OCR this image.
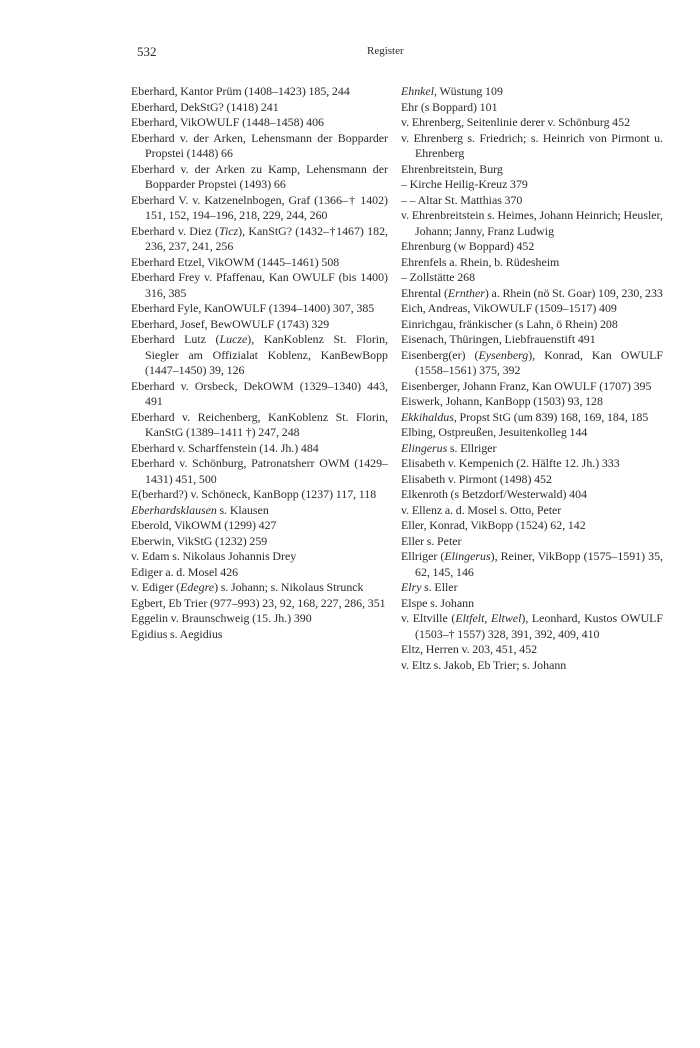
532	Register

Eberhard, Kantor Prüm (1408–1423) 185, 244

Eberhard, DekStG? (1418) 241

Eberhard, VikOWULF (1448–1458) 406

Eberhard v. der Arken, Lehensmann der Bopparder Propstei (1448) 66

Eberhard v. der Arken zu Kamp, Lehensmann der Bopparder Propstei (1493) 66

Eberhard V. v. Katzenelnbogen, Graf (1366–† 1402) 151, 152, 194–196, 218, 229, 244, 260

Eberhard v. Diez (Ticz), KanStG? (1432–†1467) 182, 236, 237, 241, 256

Eberhard Etzel, VikOWM (1445–1461) 508

Eberhard Frey v. Pfaffenau, Kan OWULF (bis 1400) 316, 385

Eberhard Fyle, KanOWULF (1394–1400) 307, 385

Eberhard, Josef, BewOWULF (1743) 329

Eberhard Lutz (Lucze), KanKoblenz St. Florin, Siegler am Offizialat Koblenz, KanBewBopp (1447–1450) 39, 126

Eberhard v. Orsbeck, DekOWM (1329–1340) 443, 491

Eberhard v. Reichenberg, KanKoblenz St. Florin, KanStG (1389–1411 †) 247, 248

Eberhard v. Scharffenstein (14. Jh.) 484

Eberhard v. Schönburg, Patronatsherr OWM (1429–1431) 451, 500

E(berhard?) v. Schöneck, KanBopp (1237) 117, 118

Eberhardsklausen s. Klausen

Eberold, VikOWM (1299) 427

Eberwin, VikStG (1232) 259

v. Edam s. Nikolaus Johannis Drey

Ediger a. d. Mosel 426

v. Ediger (Edegre) s. Johann; s. Nikolaus Strunck

Egbert, Eb Trier (977–993) 23, 92, 168, 227, 286, 351

Eggelin v. Braunschweig (15. Jh.) 390

Egidius s. Aegidius

Ehnkel, Wüstung 109

Ehr (s Boppard) 101

v. Ehrenberg, Seitenlinie derer v. Schönburg 452

v. Ehrenberg s. Friedrich; s. Heinrich von Pirmont u. Ehrenberg

Ehrenbreitstein, Burg

– Kirche Heilig-Kreuz 379

– – Altar St. Matthias 370

v. Ehrenbreitstein s. Heimes, Johann Heinrich; Heusler, Johann; Janny, Franz Ludwig

Ehrenburg (w Boppard) 452

Ehrenfels a. Rhein, b. Rüdesheim

– Zollstätte 268

Ehrental (Ernther) a. Rhein (nö St. Goar) 109, 230, 233

Eich, Andreas, VikOWULF (1509–1517) 409

Einrichgau, fränkischer (s Lahn, ö Rhein) 208

Eisenach, Thüringen, Liebfrauenstift 491

Eisenberg(er) (Eysenberg), Konrad, Kan OWULF (1558–1561) 375, 392

Eisenberger, Johann Franz, Kan OWULF (1707) 395

Eiswerk, Johann, KanBopp (1503) 93, 128

Ekkihaldus, Propst StG (um 839) 168, 169, 184, 185

Elbing, Ostpreußen, Jesuitenkolleg 144

Elingerus s. Ellriger

Elisabeth v. Kempenich (2. Hälfte 12. Jh.) 333

Elisabeth v. Pirmont (1498) 452

Elkenroth (s Betzdorf/Westerwald) 404

v. Ellenz a. d. Mosel s. Otto, Peter

Eller, Konrad, VikBopp (1524) 62, 142

Eller s. Peter

Ellriger (Elingerus), Reiner, VikBopp (1575–1591) 35, 62, 145, 146

Elry s. Eller

Elspe s. Johann

v. Eltville (Eltfelt, Eltwel), Leonhard, Kustos OWULF (1503–† 1557) 328, 391, 392, 409, 410

Eltz, Herren v. 203, 451, 452

v. Eltz s. Jakob, Eb Trier; s. Johann
